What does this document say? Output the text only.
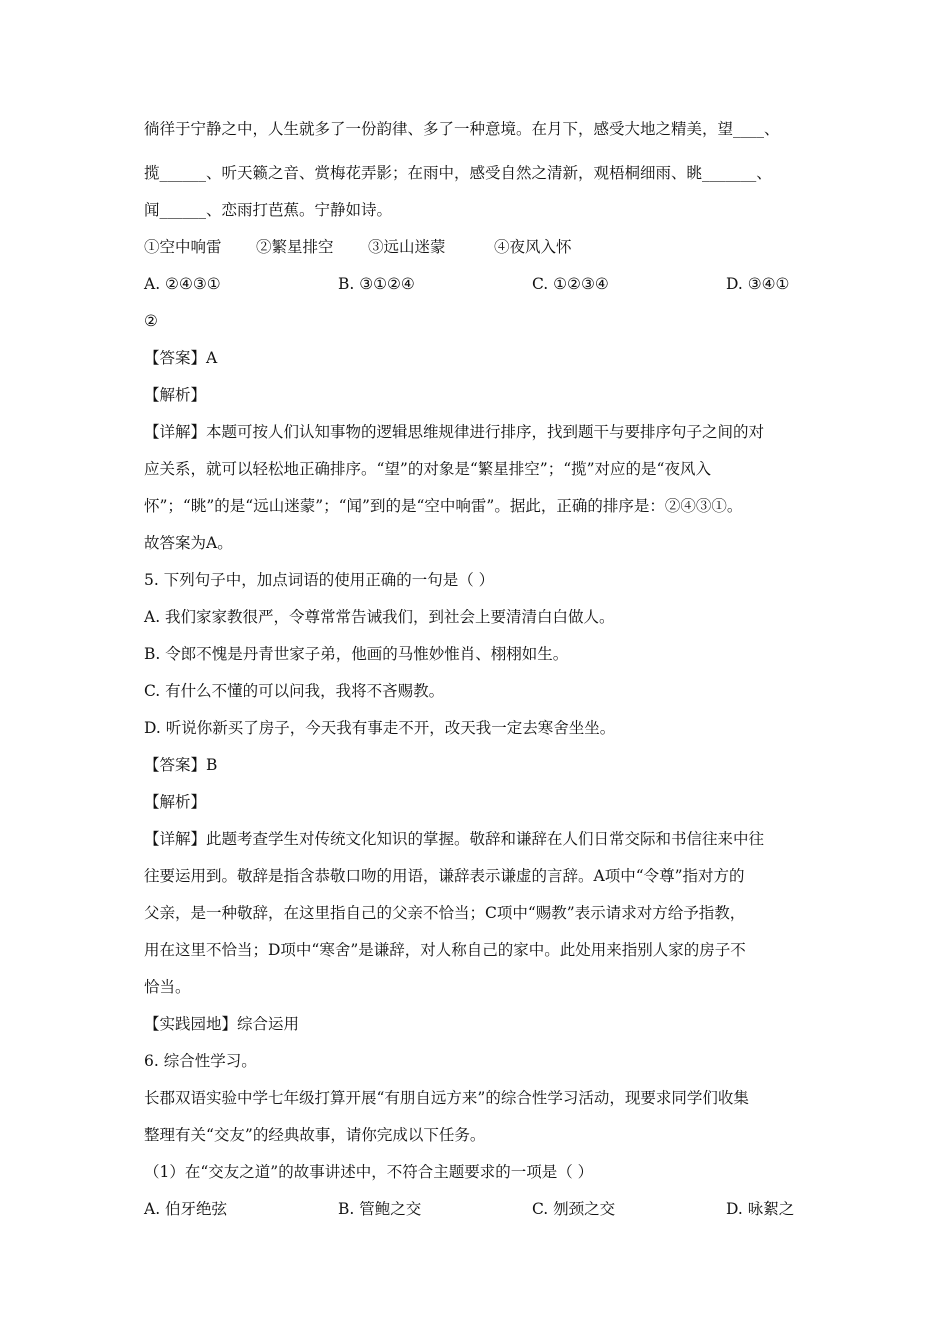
徜徉于宁静之中，人生就多了一份韵律、多了一种意境。在月下，感受大地之精美，望____、
揽______、听天籁之音、赏梅花弄影；在雨中，感受自然之清新，观梧桐细雨、眺_______、
闻______、恋雨打芭蕉。宁静如诗。
①空中响雷 ②繁星排空 ③远山迷蒙	④夜风入怀
A. ②④③①	B. ③①②④	C. ①②③④	D. ③④①
②
【答案】A
【解析】
【详解】本题可按人们认知事物的逻辑思维规律进行排序，找到题干与要排序句子之间的对
应关系，就可以轻松地正确排序。“望”的对象是“繁星排空”；“揽”对应的是“夜风入
怀”；“眺”的是“远山迷蒙”；“闻”到的是“空中响雷”。据此，正确的排序是：②④③①。
故答案为A。
5. 下列句子中，加点词语的使用正确的一句是（ ）
A. 我们家家教很严，令尊常常告诫我们，到社会上要清清白白做人。
B. 令郎不愧是丹青世家子弟，他画的马惟妙惟肖、栩栩如生。
C. 有什么不懂的可以问我，我将不吝赐教。
D. 听说你新买了房子，今天我有事走不开，改天我一定去寒舍坐坐。
【答案】B
【解析】
【详解】此题考查学生对传统文化知识的掌握。敬辞和谦辞在人们日常交际和书信往来中往
往要运用到。敬辞是指含恭敬口吻的用语，谦辞表示谦虚的言辞。A项中“令尊”指对方的
父亲，是一种敬辞，在这里指自己的父亲不恰当；C项中“赐教”表示请求对方给予指教，
用在这里不恰当；D项中“寒舍”是谦辞，对人称自己的家中。此处用来指别人家的房子不
恰当。
【实践园地】综合运用
6. 综合性学习。
长郡双语实验中学七年级打算开展“有朋自远方来”的综合性学习活动，现要求同学们收集
整理有关“交友”的经典故事，请你完成以下任务。
（1）在“交友之道”的故事讲述中，不符合主题要求的一项是（ ）
A. 伯牙绝弦	B. 管鲍之交	C. 刎颈之交	D. 咏絮之
